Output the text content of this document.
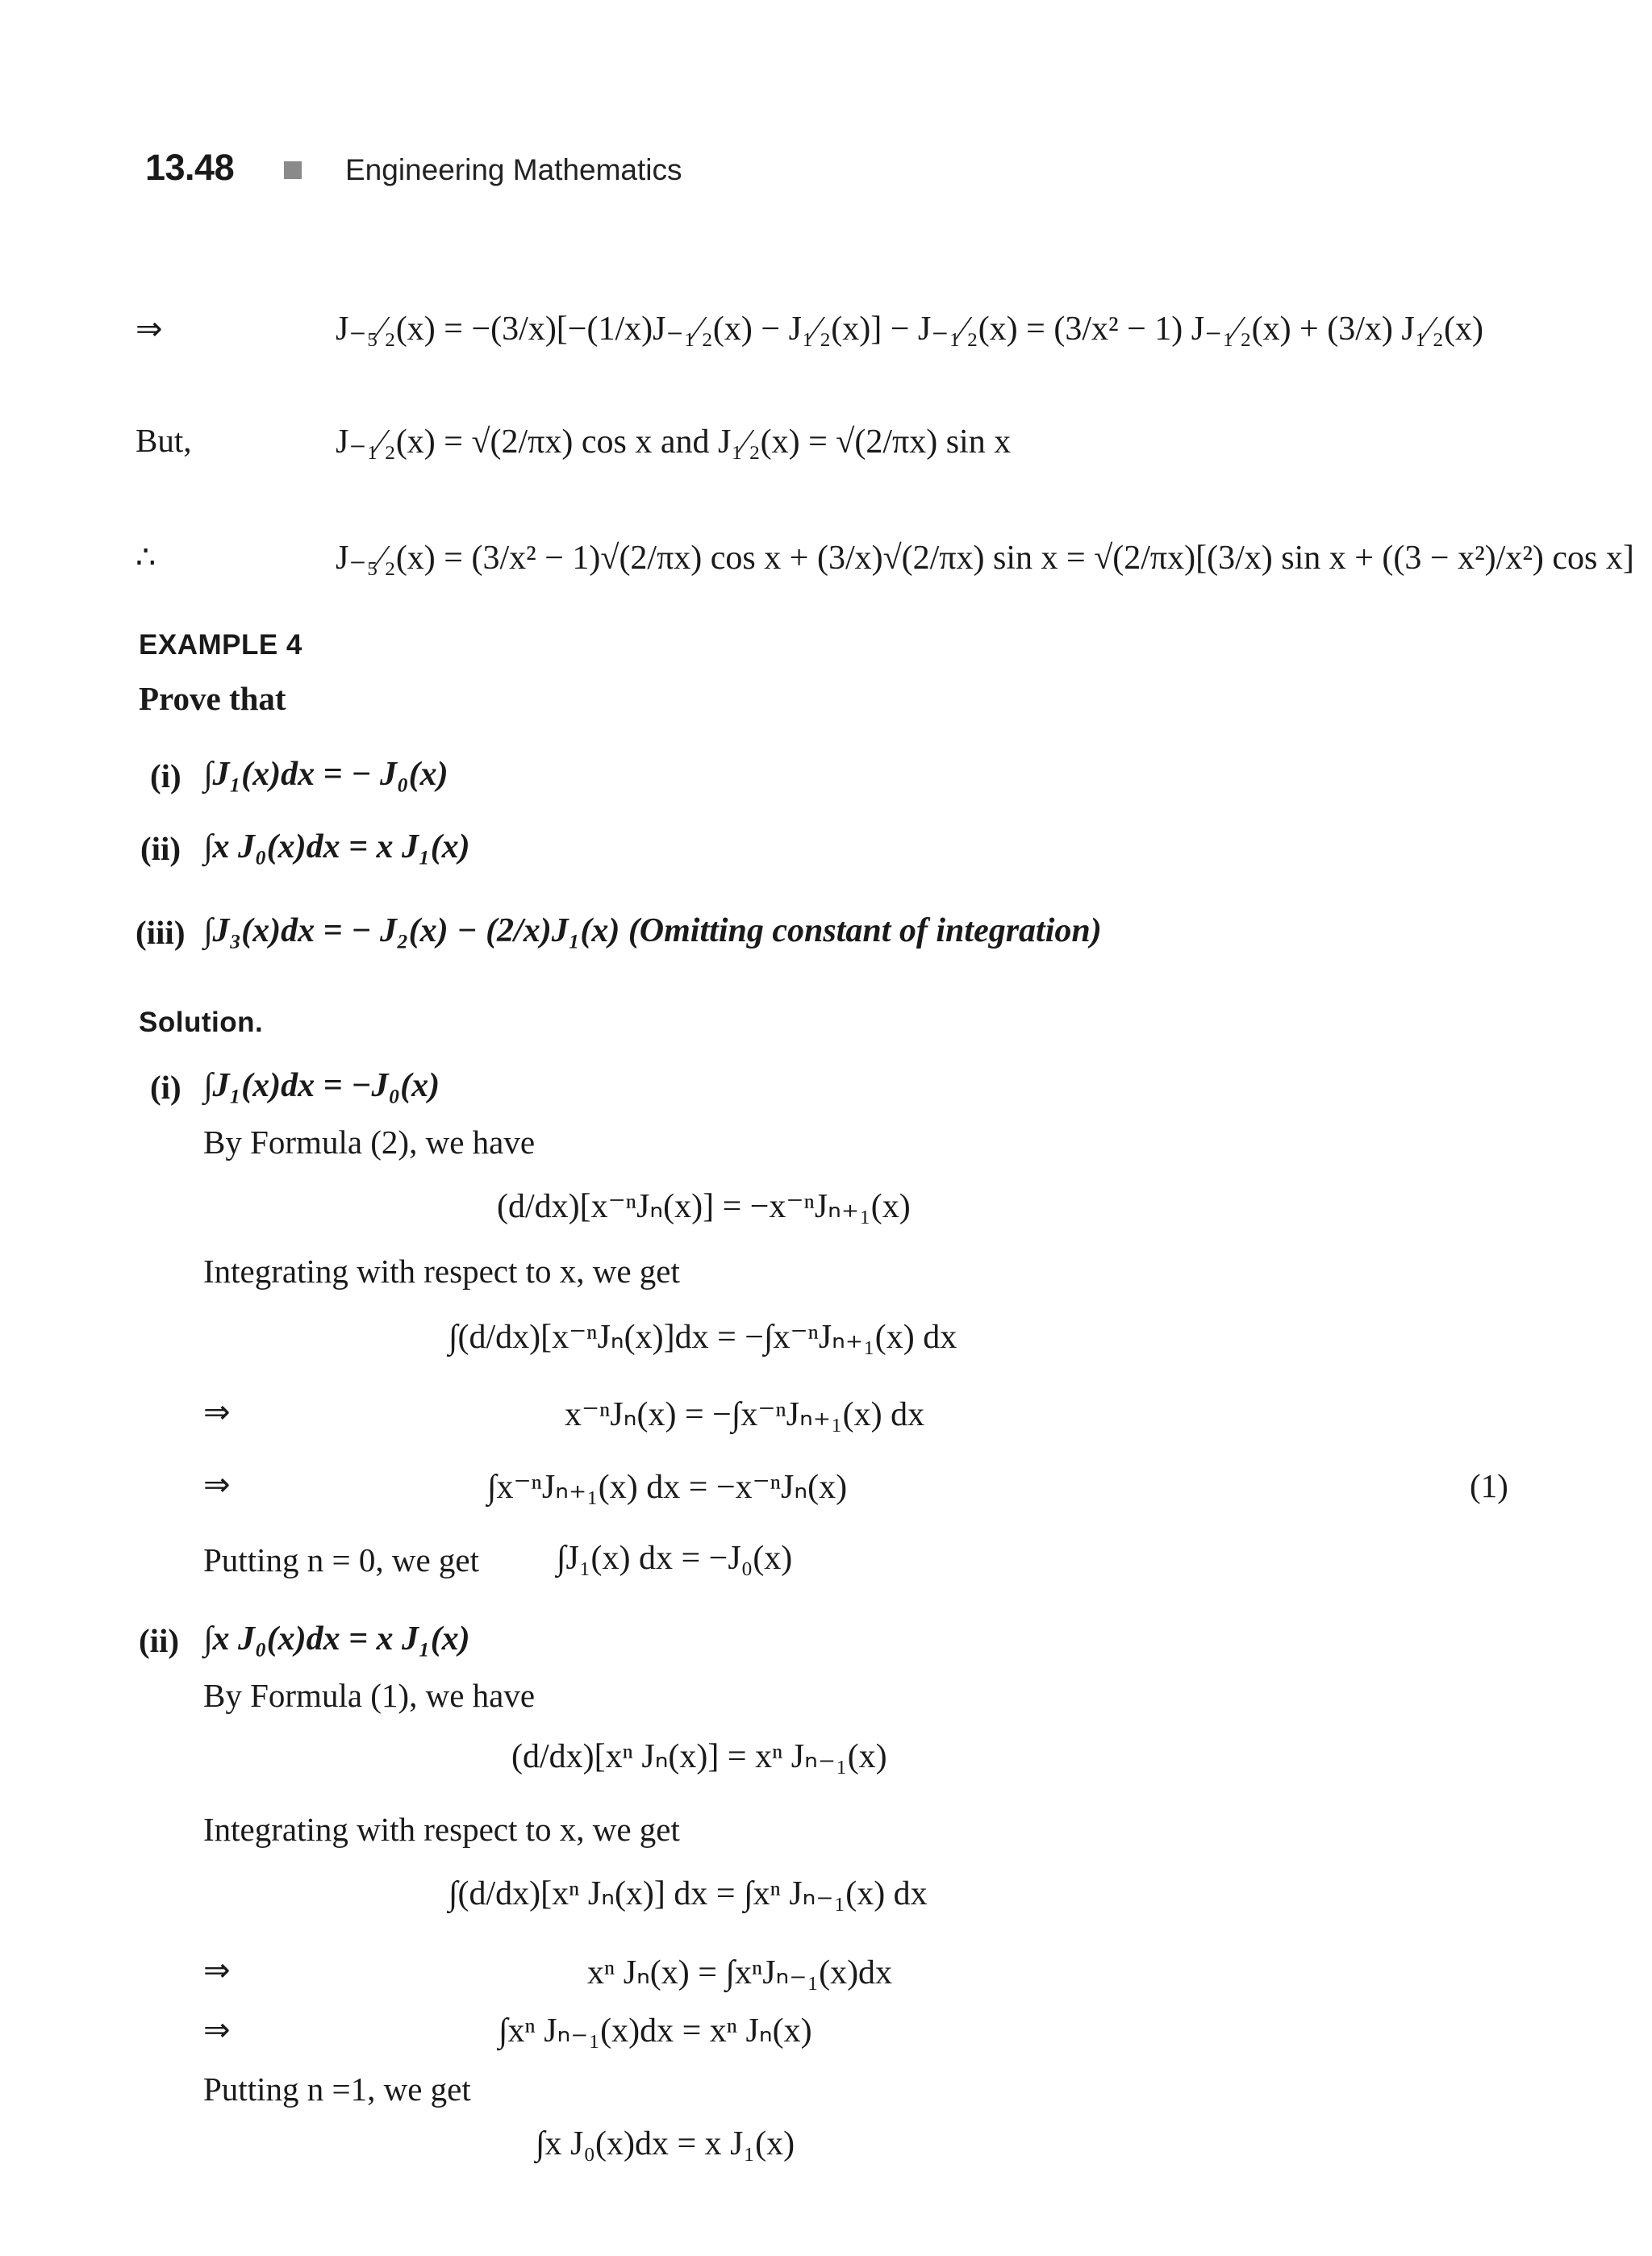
13.48	Engineering Mathematics
⇒	J₋₅⁄₂(x) = −(3/x)[−(1/x)J₋₁⁄₂(x) − J₁⁄₂(x)] − J₋₁⁄₂(x) = (3/x² − 1) J₋₁⁄₂(x) + (3/x) J₁⁄₂(x)
But,	J₋₁⁄₂(x) = √(2/πx) cos x and J₁⁄₂(x) = √(2/πx) sin x
∴	J₋₅⁄₂(x) = (3/x² − 1)√(2/πx) cos x + (3/x)√(2/πx) sin x = √(2/πx)[(3/x) sin x + ((3 − x²)/x²) cos x]
EXAMPLE 4
Prove that
(i) ∫J₁(x)dx = − J₀(x)
(ii) ∫x J₀(x)dx = x J₁(x)
(iii) ∫J₃(x)dx = − J₂(x) − (2/x)J₁(x) (Omitting constant of integration)
Solution.
(i) ∫J₁(x)dx = −J₀(x)
By Formula (2), we have
(d/dx)[x⁻ⁿJₙ(x)] = −x⁻ⁿJₙ₊₁(x)
Integrating with respect to x, we get
∫(d/dx)[x⁻ⁿJₙ(x)]dx = −∫x⁻ⁿJₙ₊₁(x) dx
⇒	x⁻ⁿJₙ(x) = −∫x⁻ⁿJₙ₊₁(x) dx
⇒	∫x⁻ⁿJₙ₊₁(x) dx = −x⁻ⁿJₙ(x)	(1)
Putting n = 0, we get ∫J₁(x) dx = −J₀(x)
(ii) ∫x J₀(x)dx = x J₁(x)
By Formula (1), we have
(d/dx)[xⁿ Jₙ(x)] = xⁿ Jₙ₋₁(x)
Integrating with respect to x, we get
∫(d/dx)[xⁿ Jₙ(x)] dx = ∫xⁿ Jₙ₋₁(x) dx
⇒	xⁿ Jₙ(x) = ∫xⁿJₙ₋₁(x)dx
⇒	∫xⁿ Jₙ₋₁(x)dx = xⁿ Jₙ(x)
Putting n =1, we get
∫x J₀(x)dx = x J₁(x)
